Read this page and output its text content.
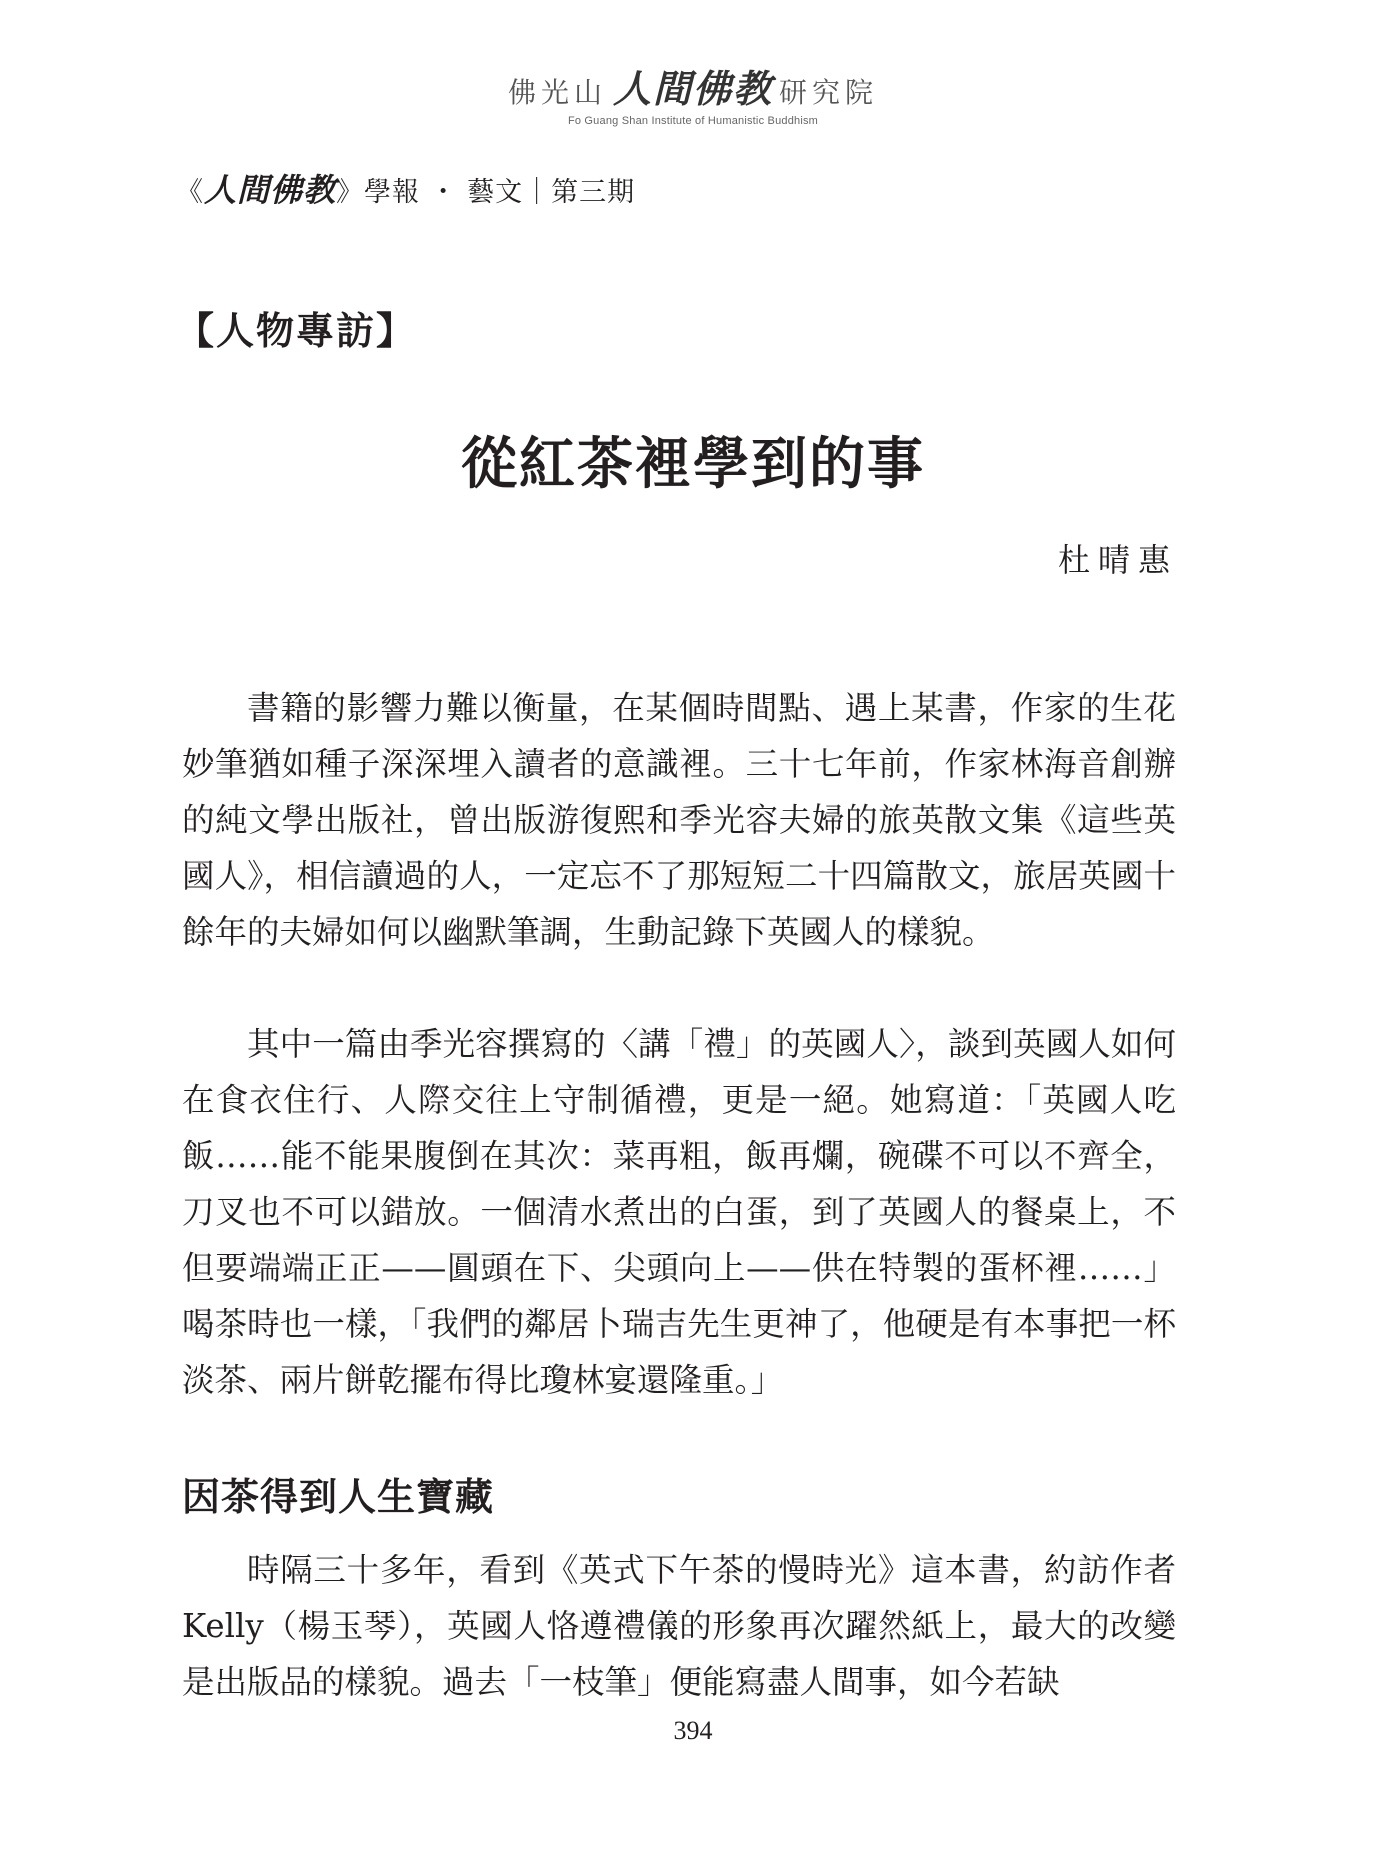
佛光山 人間佛教 研究院
Fo Guang Shan Institute of Humanistic Buddhism
《 人間佛教 》 學報 ・ 藝文｜第三期
【人物專訪】
從紅茶裡學到的事
杜晴惠

書籍的影響力難以衡量，在某個時間點、遇上某書，作家的生花妙筆猶如種子深深埋入讀者的意識裡。三十七年前，作家林海音創辦的純文學出版社，曾出版游復熙和季光容夫婦的旅英散文集《這些英國人》，相信讀過的人，一定忘不了那短短二十四篇散文，旅居英國十餘年的夫婦如何以幽默筆調，生動記錄下英國人的樣貌。

其中一篇由季光容撰寫的〈講「禮」的英國人〉，談到英國人如何在食衣住行、人際交往上守制循禮，更是一絕。她寫道：「英國人吃飯……能不能果腹倒在其次：菜再粗，飯再爛，碗碟不可以不齊全，刀叉也不可以錯放。一個清水煮出的白蛋，到了英國人的餐桌上，不但要端端正正——圓頭在下、尖頭向上——供在特製的蛋杯裡……」喝茶時也一樣，「我們的鄰居卜瑞吉先生更神了，他硬是有本事把一杯淡茶、兩片餅乾擺布得比瓊林宴還隆重。」

因茶得到人生寶藏

時隔三十多年，看到《英式下午茶的慢時光》這本書，約訪作者 Kelly（楊玉琴），英國人恪遵禮儀的形象再次躍然紙上，最大的改變是出版品的樣貌。過去「一枝筆」便能寫盡人間事，如今若缺

394
